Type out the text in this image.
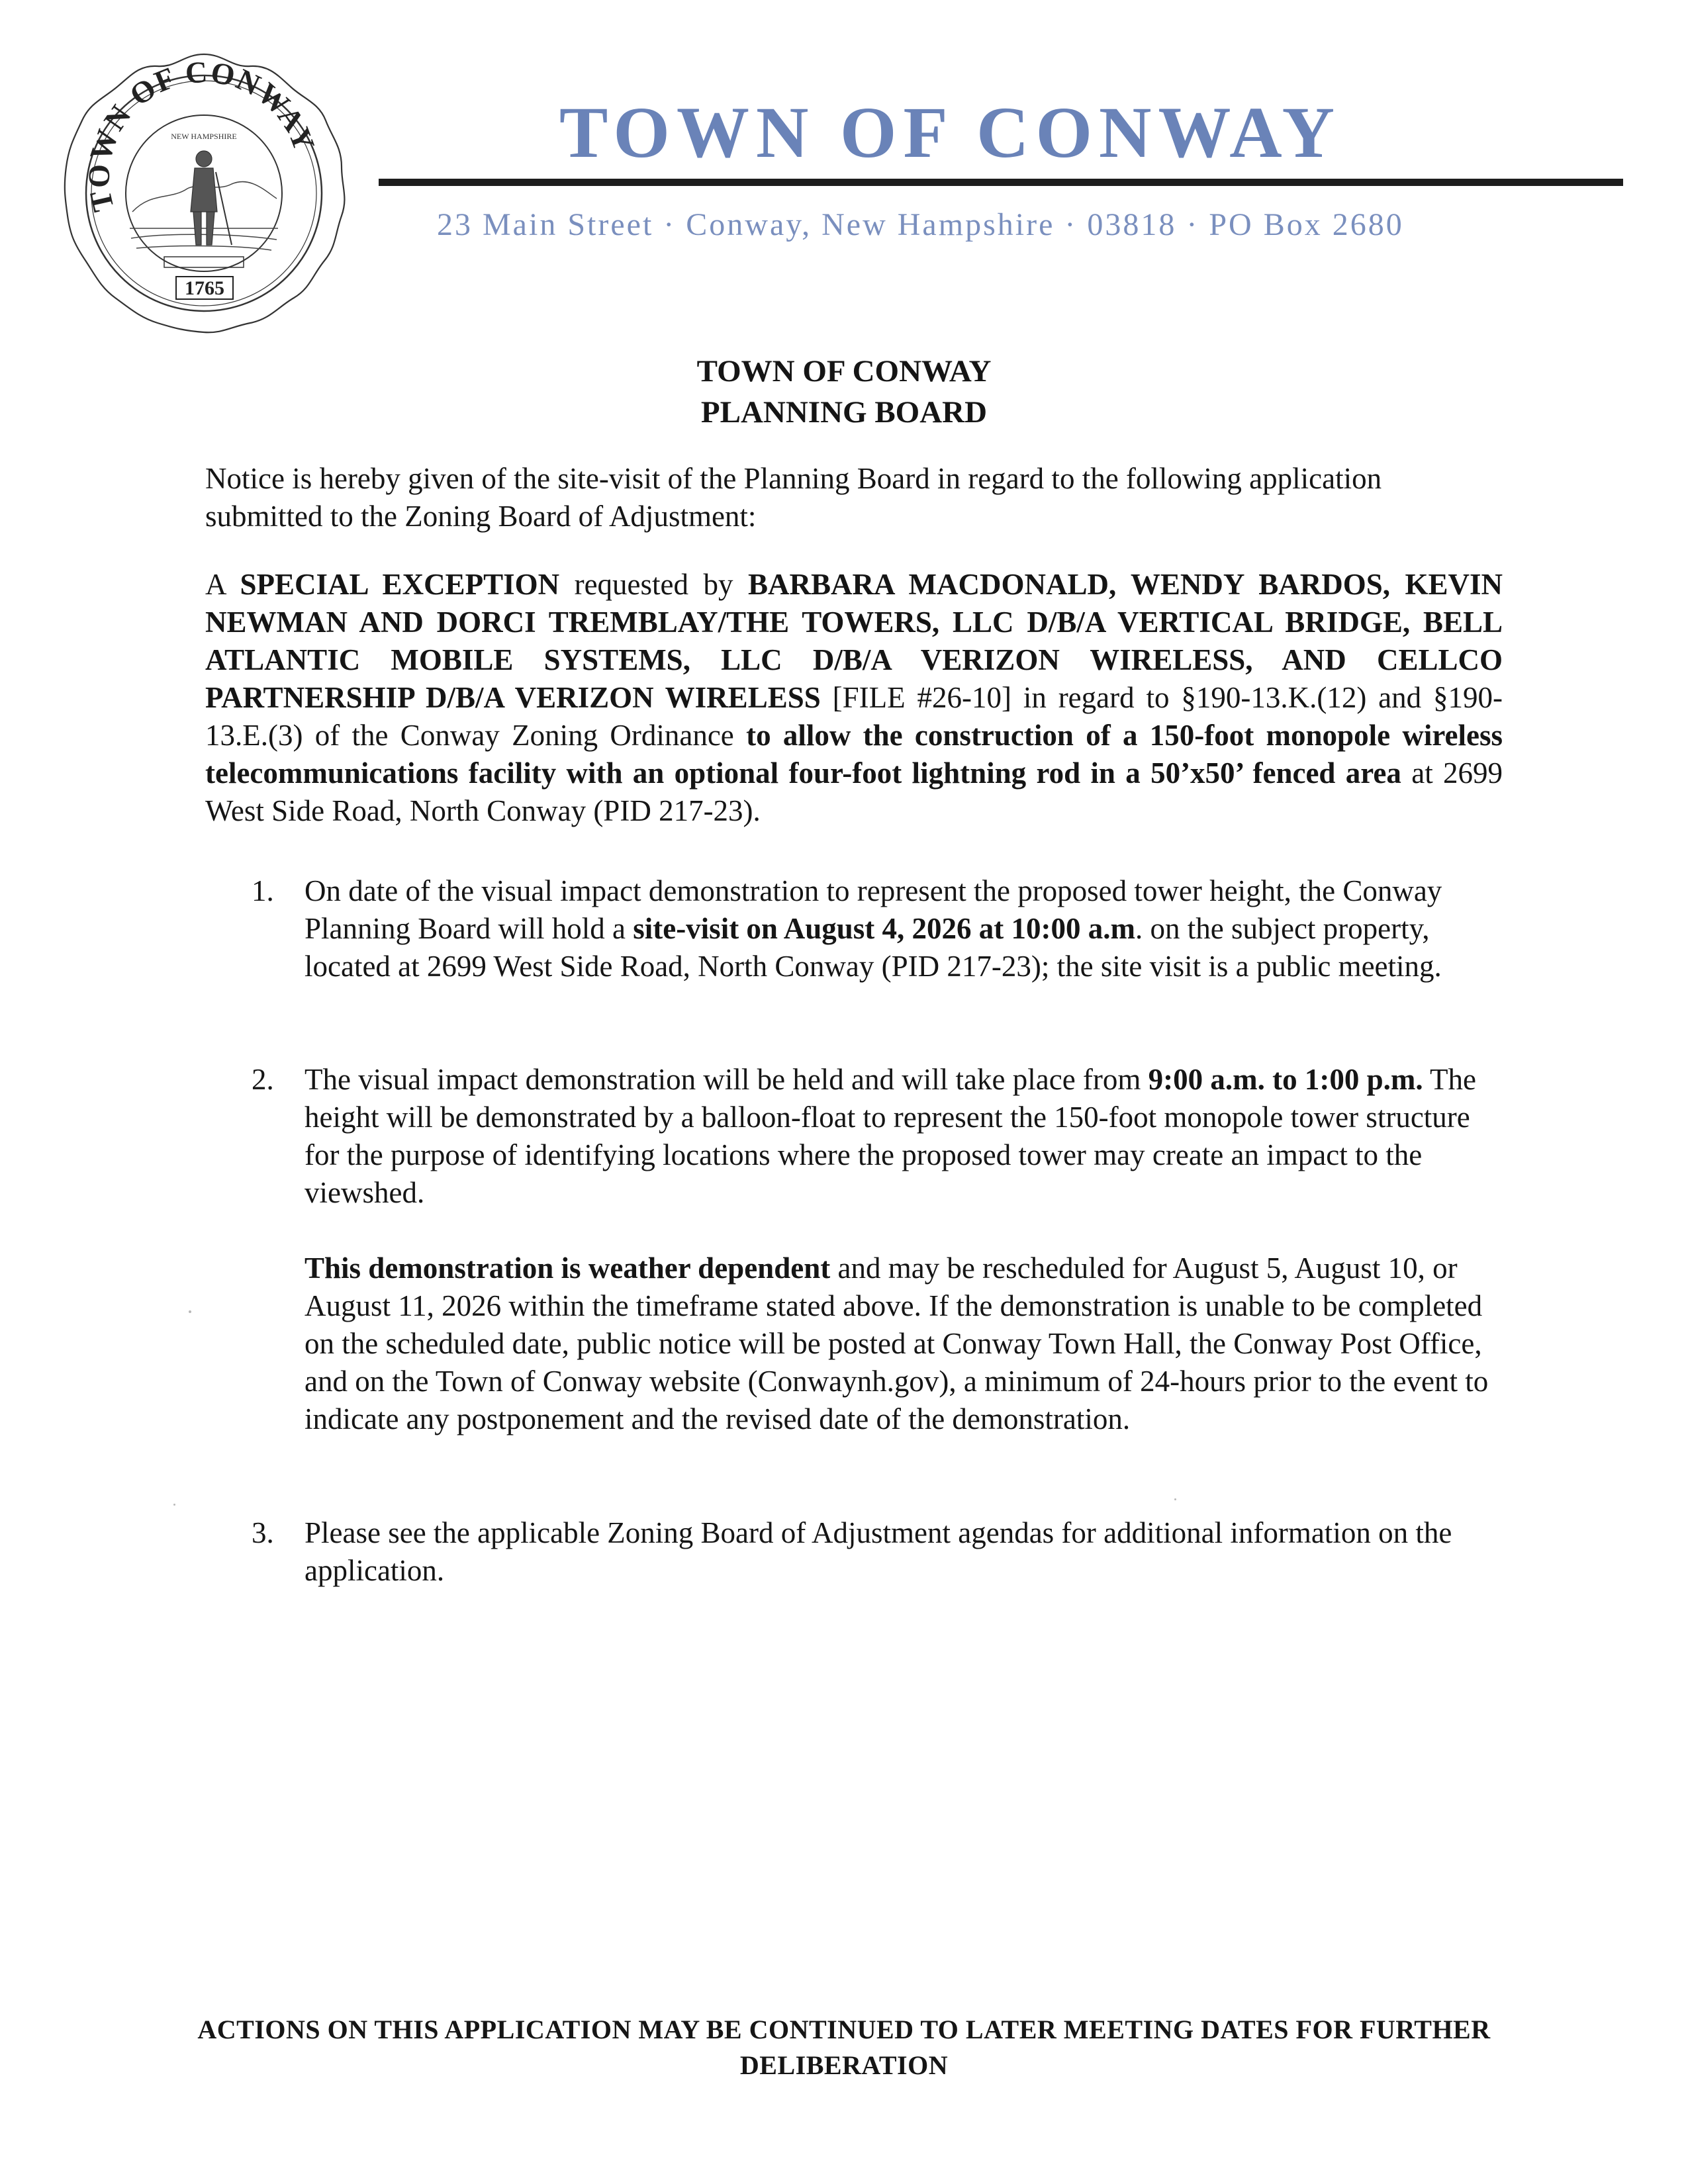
TOWN OF CONWAY
NEW HAMPSHIRE
1765
TOWN OF CONWAY
23 Main Street · Conway, New Hampshire · 03818 · PO Box 2680
TOWN OF CONWAY
PLANNING BOARD
Notice is hereby given of the site-visit of the Planning Board in regard to the following application submitted to the Zoning Board of Adjustment:
A SPECIAL EXCEPTION requested by BARBARA MACDONALD, WENDY BARDOS, KEVIN NEWMAN AND DORCI TREMBLAY/THE TOWERS, LLC D/B/A VERTICAL BRIDGE, BELL ATLANTIC MOBILE SYSTEMS, LLC D/B/A VERIZON WIRELESS, AND CELLCO PARTNERSHIP D/B/A VERIZON WIRELESS [FILE #26-10] in regard to §190-13.K.(12) and §190-13.E.(3) of the Conway Zoning Ordinance to allow the construction of a 150-foot monopole wireless telecommunications facility with an optional four-foot lightning rod in a 50’x50’ fenced area at 2699 West Side Road, North Conway (PID 217-23).
1.	On date of the visual impact demonstration to represent the proposed tower height, the Conway Planning Board will hold a site-visit on August 4, 2026 at 10:00 a.m. on the subject property, located at 2699 West Side Road, North Conway (PID 217-23); the site visit is a public meeting.
2.	The visual impact demonstration will be held and will take place from 9:00 a.m. to 1:00 p.m. The height will be demonstrated by a balloon-float to represent the 150-foot monopole tower structure for the purpose of identifying locations where the proposed tower may create an impact to the viewshed.
This demonstration is weather dependent and may be rescheduled for August 5, August 10, or August 11, 2026 within the timeframe stated above. If the demonstration is unable to be completed on the scheduled date, public notice will be posted at Conway Town Hall, the Conway Post Office, and on the Town of Conway website (Conwaynh.gov), a minimum of 24-hours prior to the event to indicate any postponement and the revised date of the demonstration.
3.	Please see the applicable Zoning Board of Adjustment agendas for additional information on the application.
ACTIONS ON THIS APPLICATION MAY BE CONTINUED TO LATER MEETING DATES FOR FURTHER DELIBERATION
